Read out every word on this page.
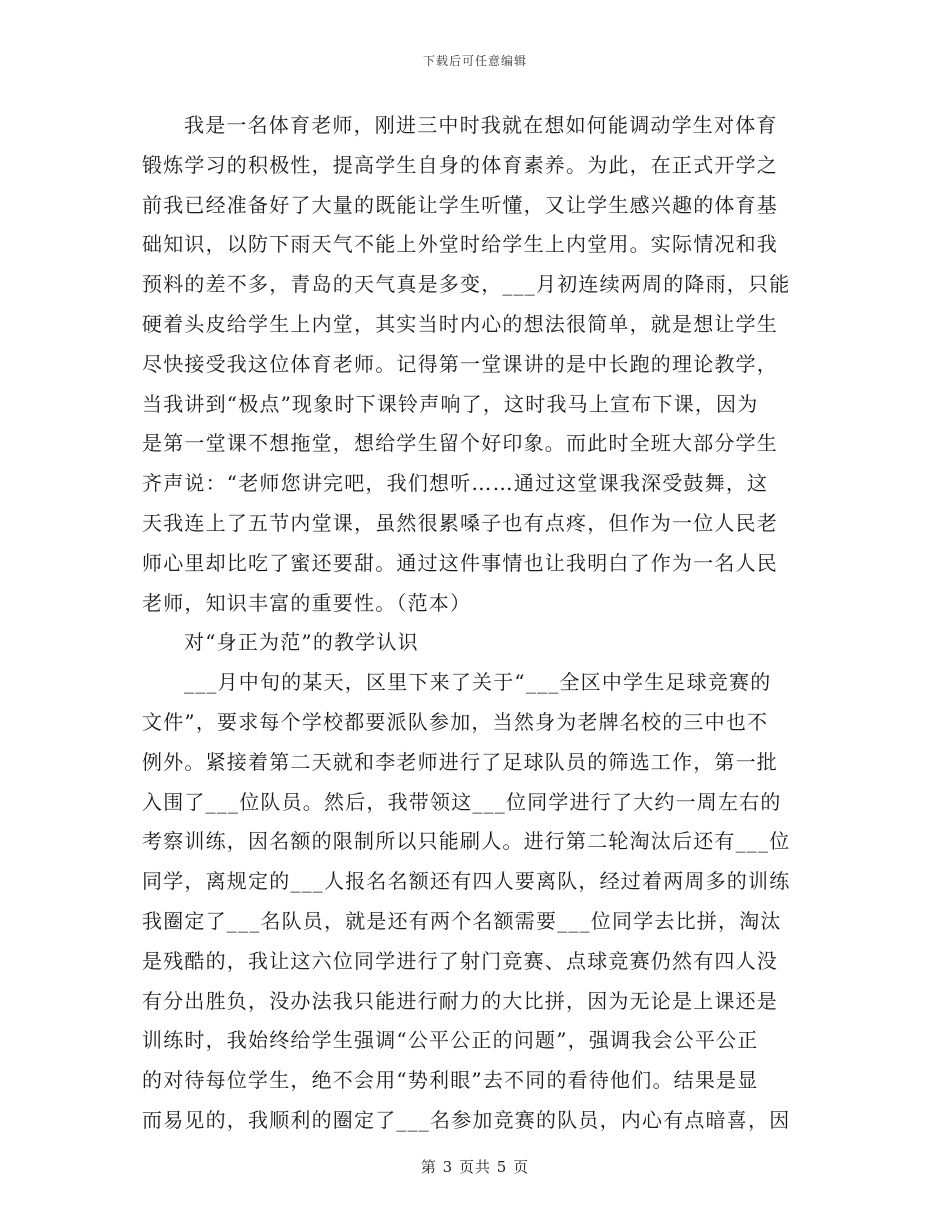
下载后可任意编辑
我是一名体育老师，刚进三中时我就在想如何能调动学生对体育
锻炼学习的积极性，提高学生自身的体育素养。为此，在正式开学之
前我已经准备好了大量的既能让学生听懂，又让学生感兴趣的体育基
础知识，以防下雨天气不能上外堂时给学生上内堂用。实际情况和我
预料的差不多，青岛的天气真是多变，___月初连续两周的降雨，只能
硬着头皮给学生上内堂，其实当时内心的想法很简单，就是想让学生
尽快接受我这位体育老师。记得第一堂课讲的是中长跑的理论教学，
当我讲到“极点”现象时下课铃声响了，这时我马上宣布下课，因为
是第一堂课不想拖堂，想给学生留个好印象。而此时全班大部分学生
齐声说：“老师您讲完吧，我们想听……通过这堂课我深受鼓舞，这
天我连上了五节内堂课，虽然很累嗓子也有点疼，但作为一位人民老
师心里却比吃了蜜还要甜。通过这件事情也让我明白了作为一名人民
老师，知识丰富的重要性。（范本）
对“身正为范”的教学认识
___月中旬的某天，区里下来了关于“___全区中学生足球竞赛的
文件”，要求每个学校都要派队参加，当然身为老牌名校的三中也不
例外。紧接着第二天就和李老师进行了足球队员的筛选工作，第一批
入围了___位队员。然后，我带领这___位同学进行了大约一周左右的
考察训练，因名额的限制所以只能刷人。进行第二轮淘汰后还有___位
同学，离规定的___人报名名额还有四人要离队，经过着两周多的训练
我圈定了___名队员，就是还有两个名额需要___位同学去比拼，淘汰
是残酷的，我让这六位同学进行了射门竞赛、点球竞赛仍然有四人没
有分出胜负，没办法我只能进行耐力的大比拼，因为无论是上课还是
训练时，我始终给学生强调“公平公正的问题”，强调我会公平公正
的对待每位学生，绝不会用“势利眼”去不同的看待他们。结果是显
而易见的，我顺利的圈定了___名参加竞赛的队员，内心有点暗喜，因
第 3 页共 5 页
